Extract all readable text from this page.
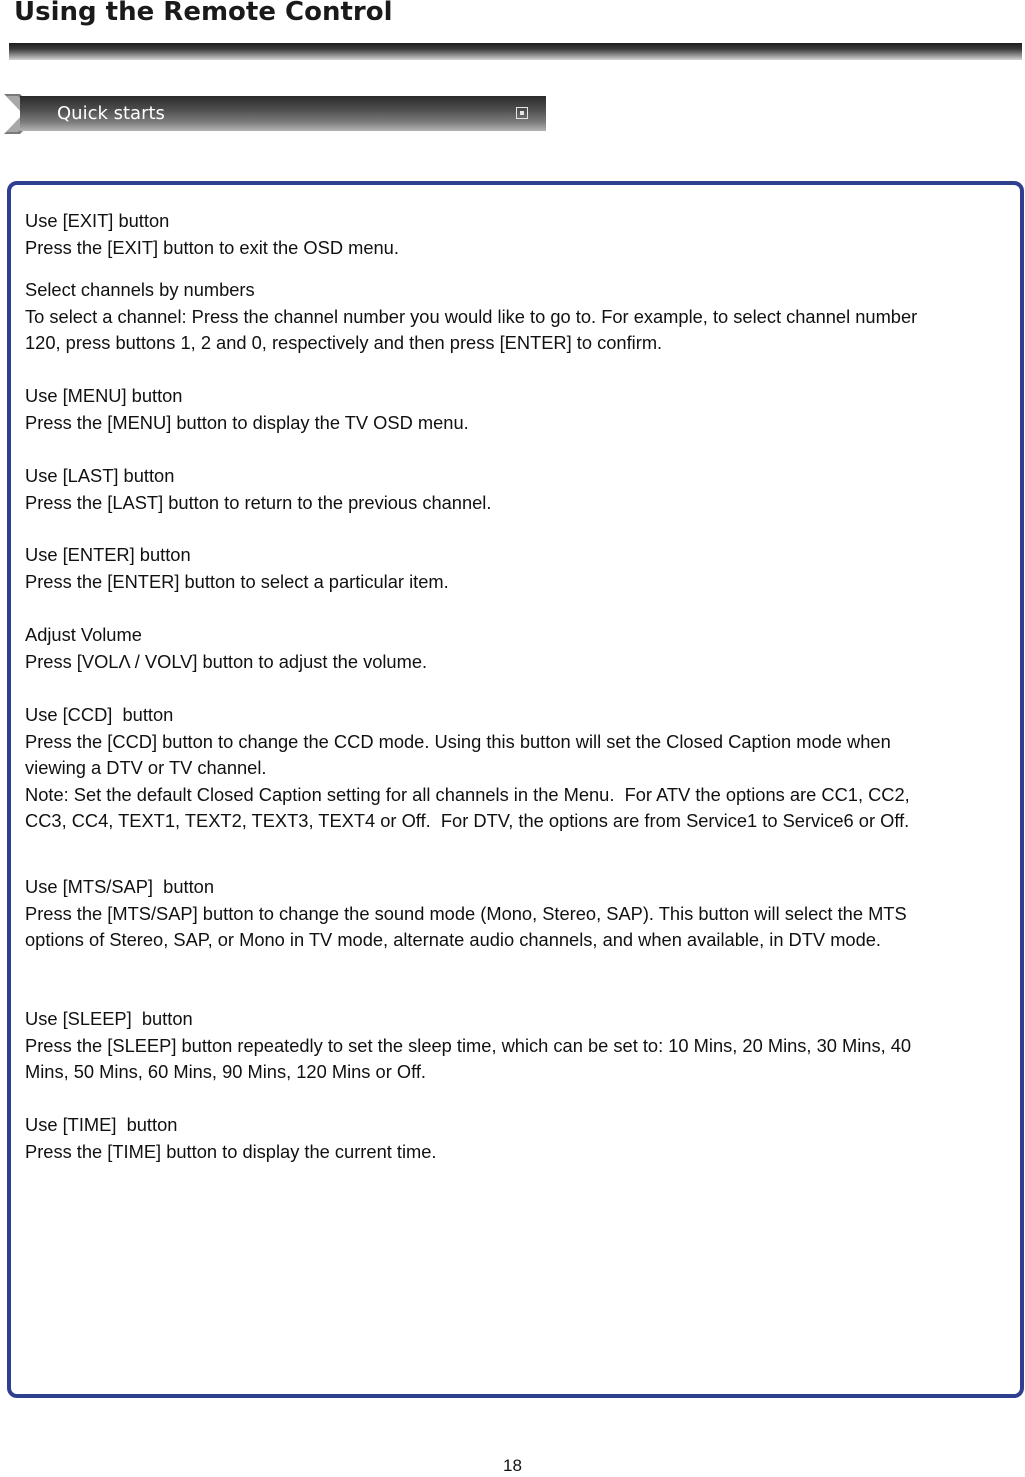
Using the Remote Control
Quick starts
Use [EXIT] button
Press the [EXIT] button to exit the OSD menu.
Select channels by numbers
To select a channel: Press the channel number you would like to go to. For example, to select channel number
120, press buttons 1, 2 and 0, respectively and then press [ENTER] to confirm.
Use [MENU] button
Press the [MENU] button to display the TV OSD menu.
Use [LAST] button
Press the [LAST] button to return to the previous channel.
Use [ENTER] button
Press the [ENTER] button to select a particular item.
Adjust Volume
Press [VOLΛ / VOLV] button to adjust the volume.
Use [CCD]  button
Press the [CCD] button to change the CCD mode. Using this button will set the Closed Caption mode when
viewing a DTV or TV channel.
Note: Set the default Closed Caption setting for all channels in the Menu.  For ATV the options are CC1, CC2,
CC3, CC4, TEXT1, TEXT2, TEXT3, TEXT4 or Off.  For DTV, the options are from Service1 to Service6 or Off.
Use [MTS/SAP]  button
Press the [MTS/SAP] button to change the sound mode (Mono, Stereo, SAP). This button will select the MTS
options of Stereo, SAP, or Mono in TV mode, alternate audio channels, and when available, in DTV mode.
Use [SLEEP]  button
Press the [SLEEP] button repeatedly to set the sleep time, which can be set to: 10 Mins, 20 Mins, 30 Mins, 40
Mins, 50 Mins, 60 Mins, 90 Mins, 120 Mins or Off.
Use [TIME]  button
Press the [TIME] button to display the current time.
18
